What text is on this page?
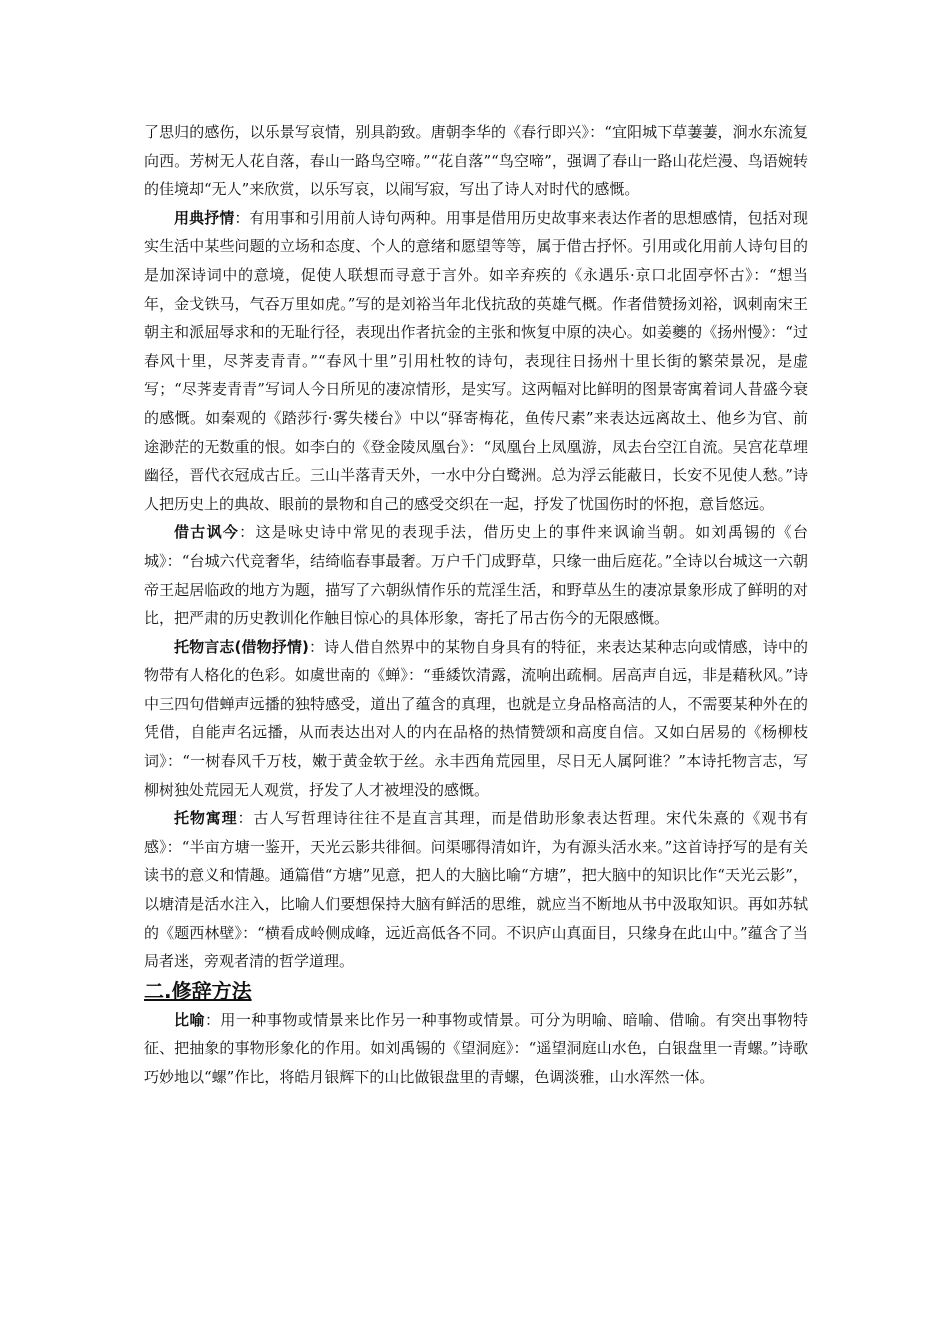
了思归的感伤，以乐景写哀情，别具韵致。唐朝李华的《春行即兴》：“宜阳城下草萋萋，涧水东流复向西。芳树无人花自落，春山一路鸟空啼。”“花自落”“鸟空啼”，强调了春山一路山花烂漫、鸟语婉转的佳境却“无人”来欣赏，以乐写哀，以闹写寂，写出了诗人对时代的感慨。

用典抒情：有用事和引用前人诗句两种。用事是借用历史故事来表达作者的思想感情，包括对现实生活中某些问题的立场和态度、个人的意绪和愿望等等，属于借古抒怀。引用或化用前人诗句目的是加深诗词中的意境，促使人联想而寻意于言外。如辛弃疾的《永遇乐·京口北固亭怀古》：“想当年，金戈铁马，气吞万里如虎。”写的是刘裕当年北伐抗敌的英雄气概。作者借赞扬刘裕，讽刺南宋王朝主和派屈辱求和的无耻行径，表现出作者抗金的主张和恢复中原的决心。如姜夔的《扬州慢》：“过春风十里，尽荠麦青青。”“春风十里”引用杜牧的诗句，表现往日扬州十里长街的繁荣景况，是虚写；“尽荠麦青青”写词人今日所见的凄凉情形，是实写。这两幅对比鲜明的图景寄寓着词人昔盛今衰的感慨。如秦观的《踏莎行·雾失楼台》中以“驿寄梅花，鱼传尺素”来表达远离故土、他乡为官、前途渺茫的无数重的恨。如李白的《登金陵凤凰台》：“凤凰台上凤凰游，凤去台空江自流。吴宫花草埋幽径，晋代衣冠成古丘。三山半落青天外，一水中分白鹭洲。总为浮云能蔽日，长安不见使人愁。”诗人把历史上的典故、眼前的景物和自己的感受交织在一起，抒发了忧国伤时的怀抱，意旨悠远。

借古讽今：这是咏史诗中常见的表现手法，借历史上的事件来讽谕当朝。如刘禹锡的《台城》：“台城六代竞奢华，结绮临春事最奢。万户千门成野草，只缘一曲后庭花。”全诗以台城这一六朝帝王起居临政的地方为题，描写了六朝纵情作乐的荒淫生活，和野草丛生的凄凉景象形成了鲜明的对比，把严肃的历史教训化作触目惊心的具体形象，寄托了吊古伤今的无限感慨。

托物言志(借物抒情)：诗人借自然界中的某物自身具有的特征，来表达某种志向或情感，诗中的物带有人格化的色彩。如虞世南的《蝉》：“垂緌饮清露，流响出疏桐。居高声自远，非是藉秋风。”诗中三四句借蝉声远播的独特感受，道出了蕴含的真理，也就是立身品格高洁的人，不需要某种外在的凭借，自能声名远播，从而表达出对人的内在品格的热情赞颂和高度自信。又如白居易的《杨柳枝词》：“一树春风千万枝，嫩于黄金软于丝。永丰西角荒园里，尽日无人属阿谁？”本诗托物言志，写柳树独处荒园无人观赏，抒发了人才被埋没的感慨。

托物寓理：古人写哲理诗往往不是直言其理，而是借助形象表达哲理。宋代朱熹的《观书有感》：“半亩方塘一鉴开，天光云影共徘徊。问渠哪得清如许，为有源头活水来。”这首诗抒写的是有关读书的意义和情趣。通篇借“方塘”见意，把人的大脑比喻“方塘”，把大脑中的知识比作“天光云影”，以塘清是活水注入，比喻人们要想保持大脑有鲜活的思维，就应当不断地从书中汲取知识。再如苏轼的《题西林壁》：“横看成岭侧成峰，远近高低各不同。不识庐山真面目，只缘身在此山中。”蕴含了当局者迷，旁观者清的哲学道理。

二.修辞方法

比喻：用一种事物或情景来比作另一种事物或情景。可分为明喻、暗喻、借喻。有突出事物特征、把抽象的事物形象化的作用。如刘禹锡的《望洞庭》：“遥望洞庭山水色，白银盘里一青螺。”诗歌巧妙地以“螺”作比，将皓月银辉下的山比做银盘里的青螺，色调淡雅，山水浑然一体。
